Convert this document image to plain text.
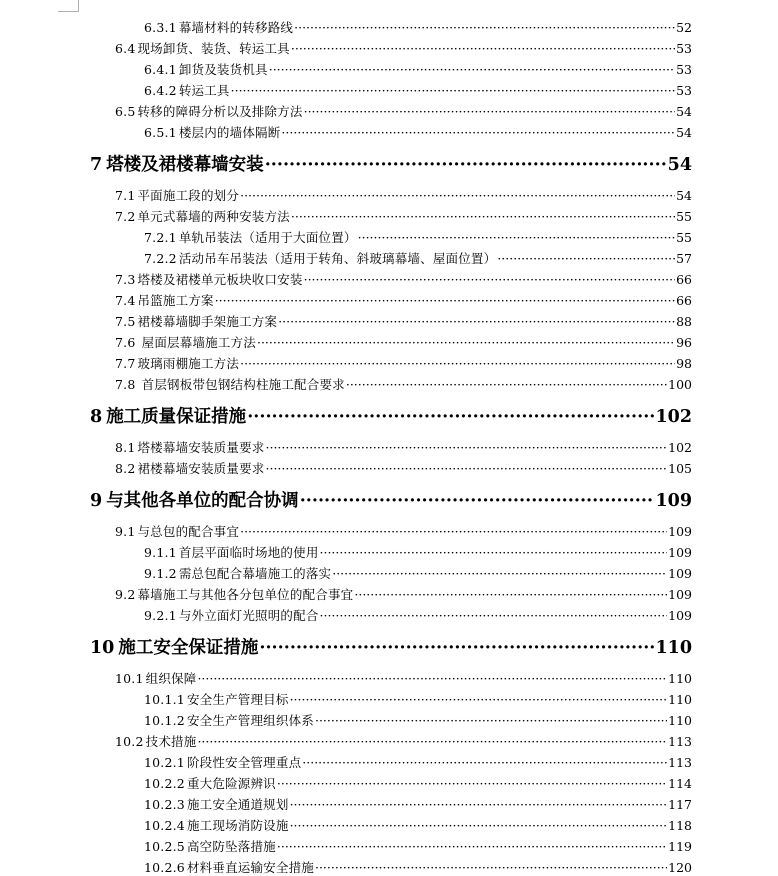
6.3.1 幕墙材料的转移路线 ·····	52
6.4 现场卸货、装货、转运工具 ·····	53
6.4.1 卸货及装货机具 ·····	53
6.4.2 转运工具 ·····	53
6.5 转移的障碍分析以及排除方法 ·····	54
6.5.1 楼层内的墙体隔断 ·····	54
7 塔楼及裙楼幕墙安装 ·····	54
7.1 平面施工段的划分 ·····	54
7.2 单元式幕墙的两种安装方法 ·····	55
7.2.1 单轨吊装法（适用于大面位置） ·····	55
7.2.2 活动吊车吊装法（适用于转角、斜玻璃幕墙、屋面位置） ·····	57
7.3 塔楼及裙楼单元板块收口安装 ·····	66
7.4 吊篮施工方案 ·····	66
7.5 裙楼幕墙脚手架施工方案 ·····	88
7.6 屋面层幕墙施工方法 ·····	96
7.7 玻璃雨棚施工方法 ·····	98
7.8 首层钢板带包钢结构柱施工配合要求 ·····	100
8 施工质量保证措施 ·····	102
8.1 塔楼幕墙安装质量要求 ·····	102
8.2 裙楼幕墙安装质量要求 ·····	105
9 与其他各单位的配合协调 ·····	109
9.1 与总包的配合事宜 ·····	109
9.1.1 首层平面临时场地的使用 ·····	109
9.1.2 需总包配合幕墙施工的落实 ·····	109
9.2 幕墙施工与其他各分包单位的配合事宜 ·····	109
9.2.1 与外立面灯光照明的配合 ·····	109
10 施工安全保证措施 ·····	110
10.1 组织保障 ·····	110
10.1.1 安全生产管理目标 ·····	110
10.1.2 安全生产管理组织体系 ·····	110
10.2 技术措施 ·····	113
10.2.1 阶段性安全管理重点 ·····	113
10.2.2 重大危险源辨识 ·····	114
10.2.3 施工安全通道规划 ·····	117
10.2.4 施工现场消防设施 ·····	118
10.2.5 高空防坠落措施 ·····	119
10.2.6 材料垂直运输安全措施 ·····	120
